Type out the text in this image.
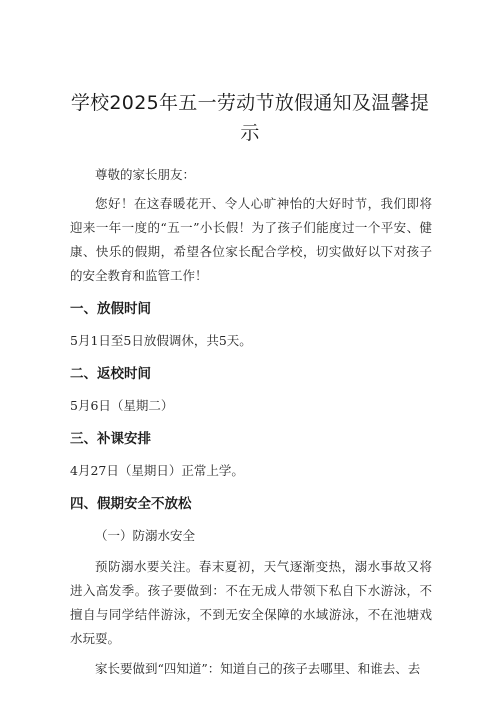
学校2025年五一劳动节放假通知及温馨提示

尊敬的家长朋友：

您好！在这春暖花开、令人心旷神怡的大好时节，我们即将迎来一年一度的“五一”小长假！为了孩子们能度过一个平安、健康、快乐的假期，希望各位家长配合学校，切实做好以下对孩子的安全教育和监管工作！

一、放假时间

5月1日至5日放假调休，共5天。

二、返校时间

5月6日（星期二）

三、补课安排

4月27日（星期日）正常上学。

四、假期安全不放松

（一）防溺水安全

预防溺水要关注。春末夏初，天气逐渐变热，溺水事故又将进入高发季。孩子要做到：不在无成人带领下私自下水游泳，不擅自与同学结伴游泳，不到无安全保障的水域游泳，不在池塘戏水玩耍。

家长要做到“四知道”：知道自己的孩子去哪里、和谁去、去
